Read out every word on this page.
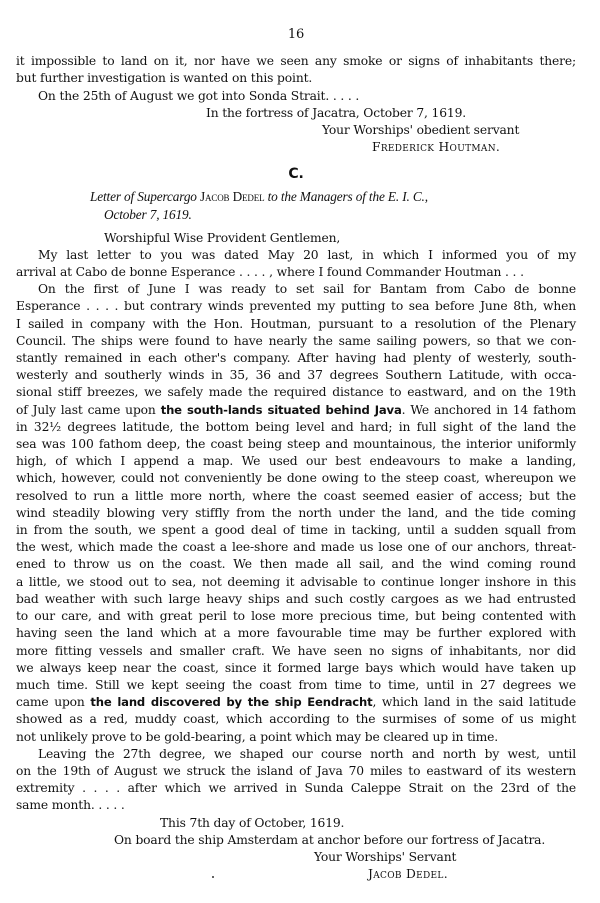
16

it impossible to land on it, nor have we seen any smoke or signs of inhabitants there;

but further investigation is wanted on this point.

On the 25th of August we got into Sonda Strait. . . . .

In the fortress of Jacatra, October 7, 1619.

Your Worships' obedient servant

Frederick Houtman.

C.

Letter of Supercargo Jacob Dedel to the Managers of the E. I. C.,

October 7, 1619.

Worshipful Wise Provident Gentlemen,

My last letter to you was dated May 20 last, in which I informed you of my

arrival at Cabo de bonne Esperance . . . . , where I found Commander Houtman . . .

On the first of June I was ready to set sail for Bantam from Cabo de bonne

Esperance . . . . but contrary winds prevented my putting to sea before June 8th, when

I sailed in company with the Hon. Houtman, pursuant to a resolution of the Plenary

Council. The ships were found to have nearly the same sailing powers, so that we con-

stantly remained in each other's company. After having had plenty of westerly, south-

westerly and southerly winds in 35, 36 and 37 degrees Southern Latitude, with occa-

sional stiff breezes, we safely made the required distance to eastward, and on the 19th

of July last came upon the south-lands situated behind Java. We anchored in 14 fathom

in 32½ degrees latitude, the bottom being level and hard; in full sight of the land the

sea was 100 fathom deep, the coast being steep and mountainous, the interior uniformly

high, of which I append a map. We used our best endeavours to make a landing,

which, however, could not conveniently be done owing to the steep coast, whereupon we

resolved to run a little more north, where the coast seemed easier of access; but the

wind steadily blowing very stiffly from the north under the land, and the tide coming

in from the south, we spent a good deal of time in tacking, until a sudden squall from

the west, which made the coast a lee-shore and made us lose one of our anchors, threat-

ened to throw us on the coast. We then made all sail, and the wind coming round

a little, we stood out to sea, not deeming it advisable to continue longer inshore in this

bad weather with such large heavy ships and such costly cargoes as we had entrusted

to our care, and with great peril to lose more precious time, but being contented with

having seen the land which at a more favourable time may be further explored with

more fitting vessels and smaller craft. We have seen no signs of inhabitants, nor did

we always keep near the coast, since it formed large bays which would have taken up

much time. Still we kept seeing the coast from time to time, until in 27 degrees we

came upon the land discovered by the ship Eendracht, which land in the said latitude

showed as a red, muddy coast, which according to the surmises of some of us might

not unlikely prove to be gold-bearing, a point which may be cleared up in time.

Leaving the 27th degree, we shaped our course north and north by west, until

on the 19th of August we struck the island of Java 70 miles to eastward of its western

extremity . . . . after which we arrived in Sunda Caleppe Strait on the 23rd of the

same month. . . . .

This 7th day of October, 1619.

On board the ship Amsterdam at anchor before our fortress of Jacatra.

Your Worships' Servant

Jacob Dedel.
